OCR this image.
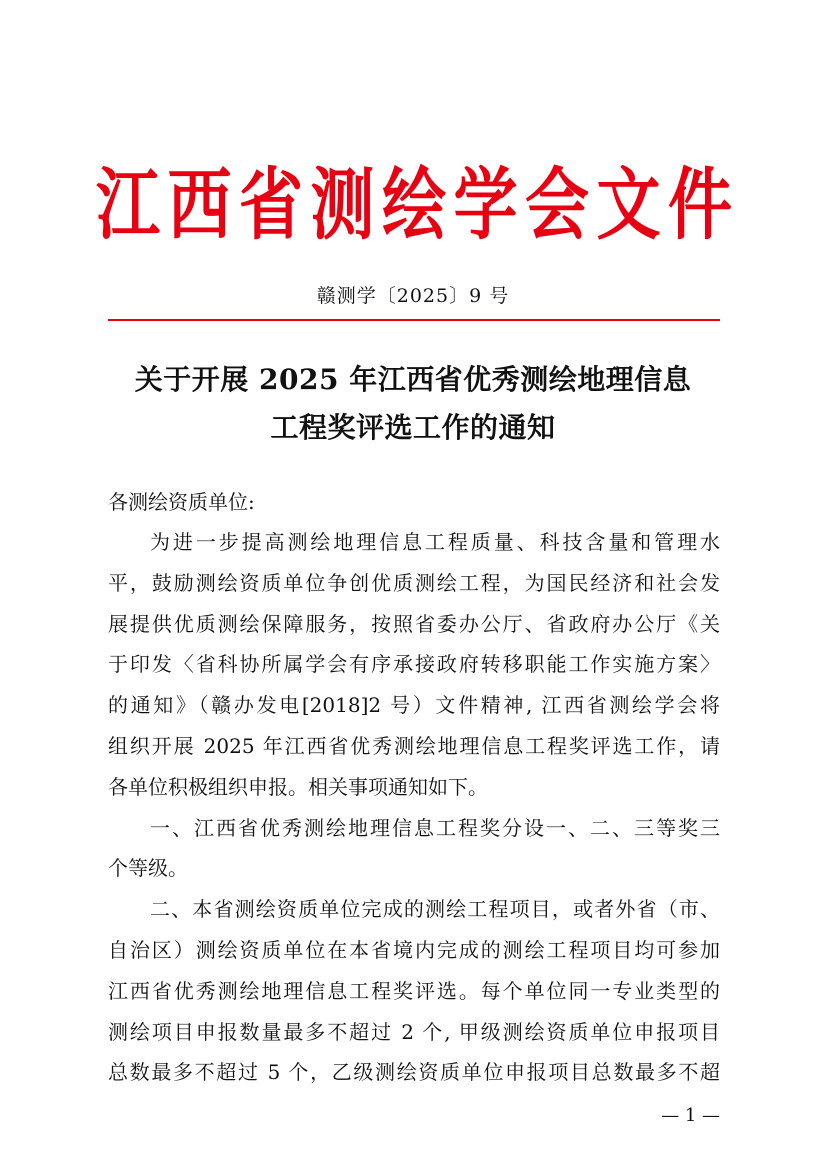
江 西 省 测 绘 学 会 文 件
赣测学〔2025〕9 号
关于开展 2025 年江西省优秀测绘地理信息
工程奖评选工作的通知
各测绘资质单位:
为进一步提高测绘地理信息工程质量、科技含量和管理水
平，鼓励测绘资质单位争创优质测绘工程，为国民经济和社会发
展提供优质测绘保障服务，按照省委办公厅、省政府办公厅《关
于印发〈省科协所属学会有序承接政府转移职能工作实施方案〉
的通知》（赣办发电[2018]2 号）文件精神, 江西省测绘学会将
组织开展 2025 年江西省优秀测绘地理信息工程奖评选工作，请
各单位积极组织申报。相关事项通知如下。
一、江西省优秀测绘地理信息工程奖分设一、二、三等奖三
个等级。
二、本省测绘资质单位完成的测绘工程项目，或者外省（市、
自治区）测绘资质单位在本省境内完成的测绘工程项目均可参加
江西省优秀测绘地理信息工程奖评选。每个单位同一专业类型的
测绘项目申报数量最多不超过 2 个, 甲级测绘资质单位申报项目
总数最多不超过 5 个，乙级测绘资质单位申报项目总数最多不超
— 1 —
